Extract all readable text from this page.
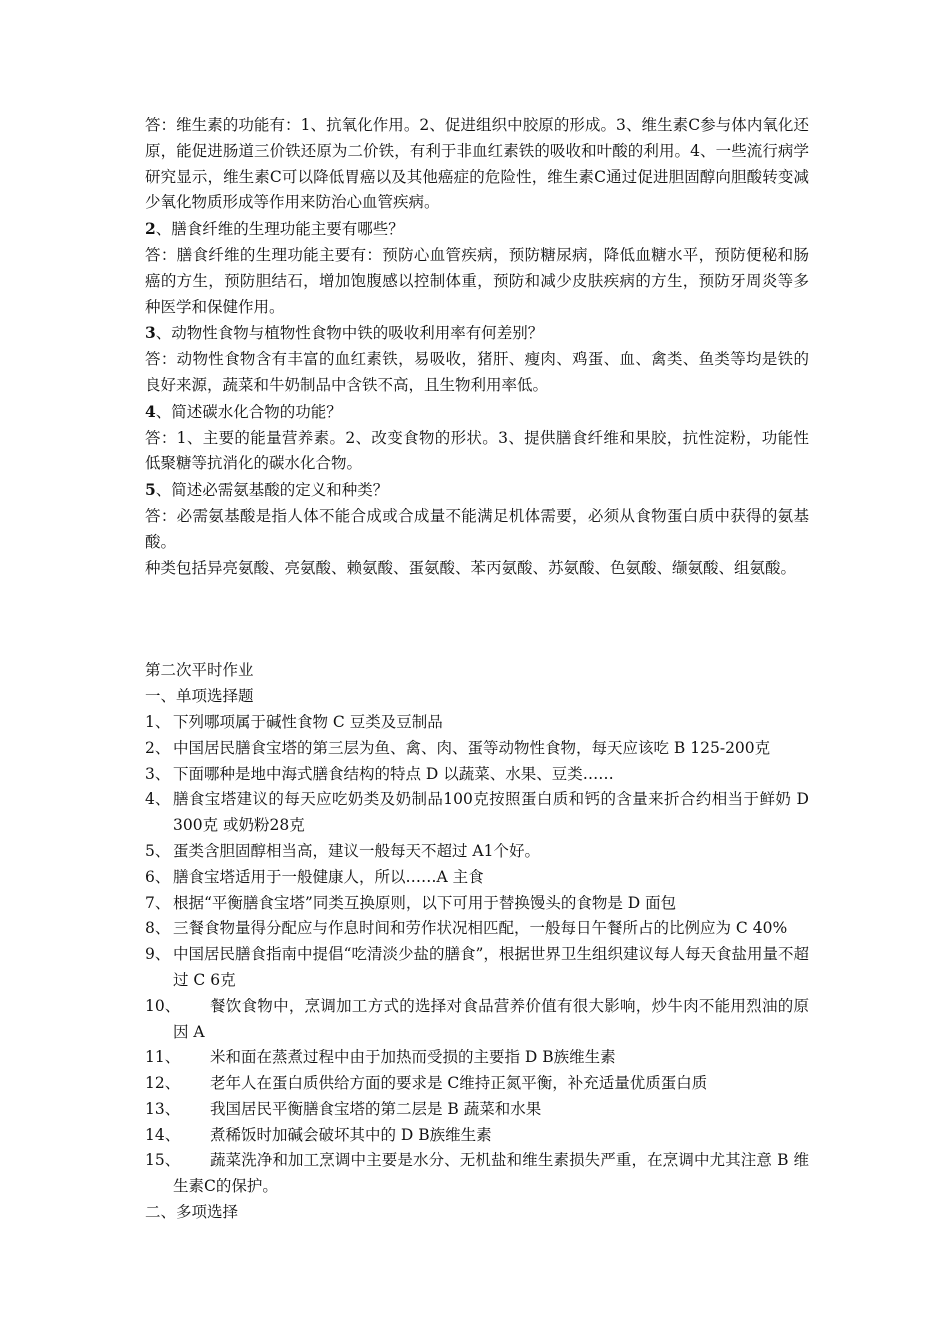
答：维生素的功能有：1、抗氧化作用。2、促进组织中胶原的形成。3、维生素C参与体内氧化还原，能促进肠道三价铁还原为二价铁，有利于非血红素铁的吸收和叶酸的利用。4、一些流行病学研究显示，维生素C可以降低胃癌以及其他癌症的危险性，维生素C通过促进胆固醇向胆酸转变减少氧化物质形成等作用来防治心血管疾病。

2、膳食纤维的生理功能主要有哪些？

答：膳食纤维的生理功能主要有：预防心血管疾病，预防糖尿病，降低血糖水平，预防便秘和肠癌的方生，预防胆结石，增加饱腹感以控制体重，预防和减少皮肤疾病的方生，预防牙周炎等多种医学和保健作用。

3、动物性食物与植物性食物中铁的吸收利用率有何差别？

答：动物性食物含有丰富的血红素铁，易吸收，猪肝、瘦肉、鸡蛋、血、禽类、鱼类等均是铁的良好来源，蔬菜和牛奶制品中含铁不高，且生物利用率低。

4、简述碳水化合物的功能？

答：1、主要的能量营养素。2、改变食物的形状。3、提供膳食纤维和果胶，抗性淀粉，功能性低聚糖等抗消化的碳水化合物。

5、简述必需氨基酸的定义和种类？

答：必需氨基酸是指人体不能合成或合成量不能满足机体需要，必须从食物蛋白质中获得的氨基酸。

种类包括异亮氨酸、亮氨酸、赖氨酸、蛋氨酸、苯丙氨酸、苏氨酸、色氨酸、缬氨酸、组氨酸。

第二次平时作业

一、单项选择题

1、 下列哪项属于碱性食物 C 豆类及豆制品
2、 中国居民膳食宝塔的第三层为鱼、禽、肉、蛋等动物性食物，每天应该吃 B 125-200克
3、 下面哪种是地中海式膳食结构的特点 D 以蔬菜、水果、豆类……
4、 膳食宝塔建议的每天应吃奶类及奶制品100克按照蛋白质和钙的含量来折合约相当于鲜奶 D 300克 或奶粉28克
5、 蛋类含胆固醇相当高，建议一般每天不超过 A1个好。
6、 膳食宝塔适用于一般健康人，所以……A 主食
7、 根据“平衡膳食宝塔”同类互换原则，以下可用于替换馒头的食物是 D 面包
8、 三餐食物量得分配应与作息时间和劳作状况相匹配，一般每日午餐所占的比例应为 C 40%
9、 中国居民膳食指南中提倡“吃清淡少盐的膳食”，根据世界卫生组织建议每人每天食盐用量不超过 C 6克
10、	餐饮食物中，烹调加工方式的选择对食品营养价值有很大影响，炒牛肉不能用烈油的原因 A
11、	米和面在蒸煮过程中由于加热而受损的主要指 D B族维生素
12、	老年人在蛋白质供给方面的要求是 C维持正氮平衡，补充适量优质蛋白质
13、	我国居民平衡膳食宝塔的第二层是 B 蔬菜和水果
14、	煮稀饭时加碱会破坏其中的 D B族维生素
15、	蔬菜洗净和加工烹调中主要是水分、无机盐和维生素损失严重，在烹调中尤其注意 B 维生素C的保护。

二、多项选择
